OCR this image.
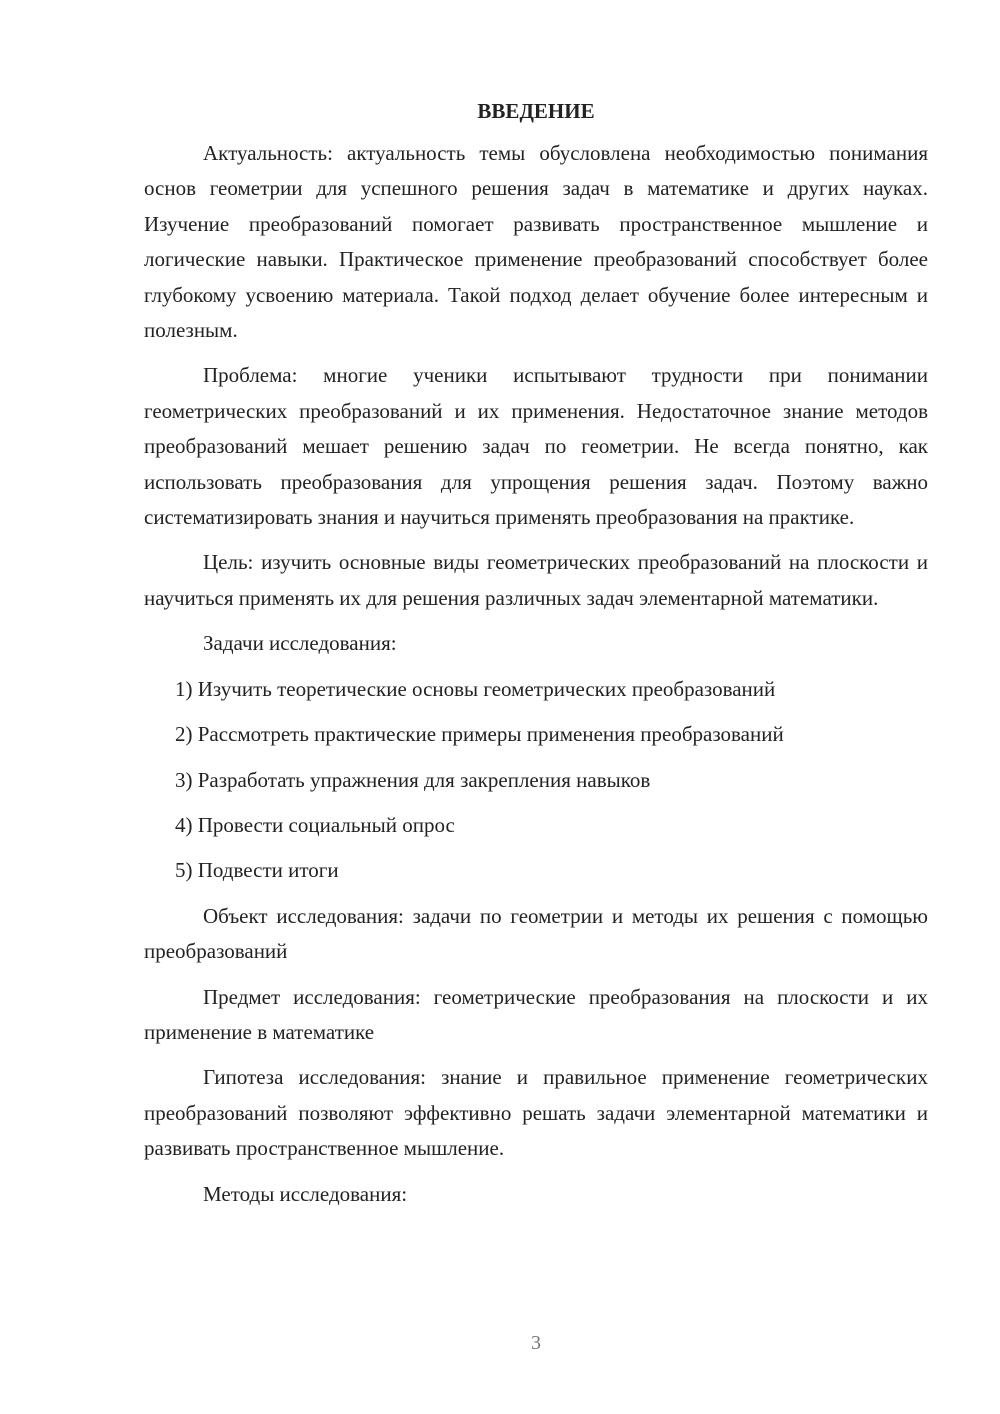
ВВЕДЕНИЕ

Актуальность: актуальность темы обусловлена необходимостью понимания основ геометрии для успешного решения задач в математике и других науках. Изучение преобразований помогает развивать пространственное мышление и логические навыки. Практическое применение преобразований способствует более глубокому усвоению материала. Такой подход делает обучение более интересным и полезным.

Проблема: многие ученики испытывают трудности при понимании геометрических преобразований и их применения. Недостаточное знание методов преобразований мешает решению задач по геометрии. Не всегда понятно, как использовать преобразования для упрощения решения задач. Поэтому важно систематизировать знания и научиться применять преобразования на практике.

Цель: изучить основные виды геометрических преобразований на плоскости и научиться применять их для решения различных задач элементарной математики.

Задачи исследования:

1) Изучить теоретические основы геометрических преобразований
2) Рассмотреть практические примеры применения преобразований
3) Разработать упражнения для закрепления навыков
4) Провести социальный опрос
5) Подвести итоги

Объект исследования: задачи по геометрии и методы их решения с помощью преобразований

Предмет исследования: геометрические преобразования на плоскости и их применение в математике

Гипотеза исследования: знание и правильное применение геометрических преобразований позволяют эффективно решать задачи элементарной математики и развивать пространственное мышление.

Методы исследования:

3
